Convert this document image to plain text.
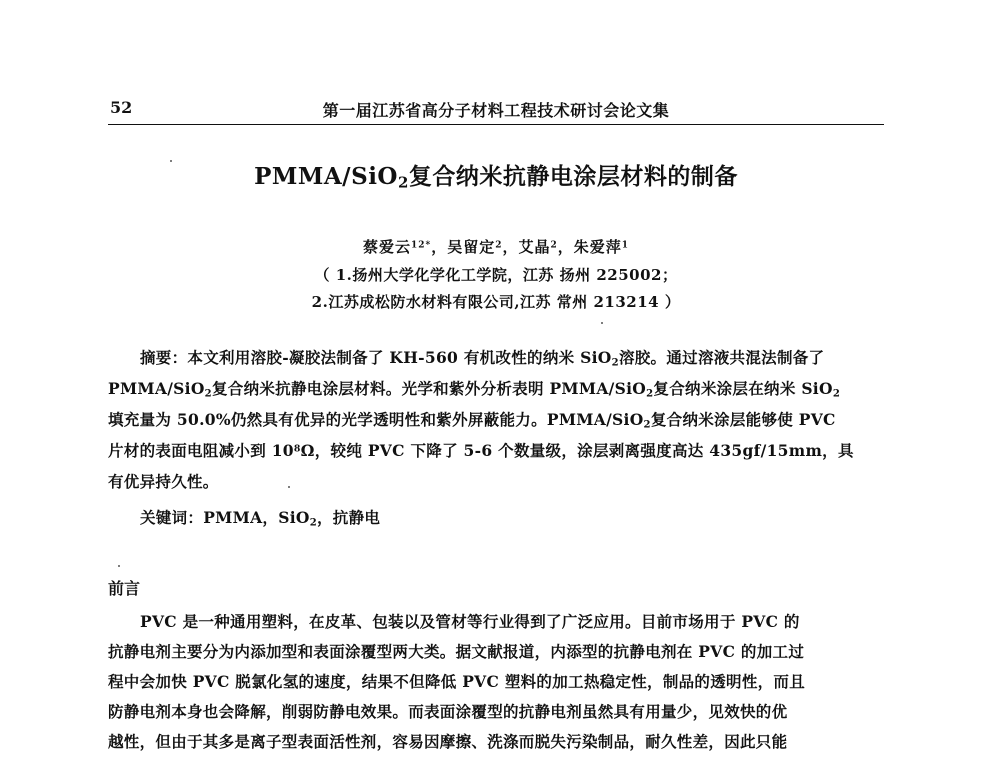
52	第一届江苏省高分子材料工程技术研讨会论文集
PMMA/SiO$_2$复合纳米抗静电涂层材料的制备
蔡爱云$^{12*}$，吴留定$^2$，艾晶$^2$，朱爱萍$^1$
（ 1.扬州大学化学化工学院，江苏 扬州 225002；
2.江苏成松防水材料有限公司,江苏 常州 213214 ）
摘要：本文利用溶胶-凝胶法制备了 KH-560 有机改性的纳米 SiO$_2$溶胶。通过溶液共混法制备了
PMMA/SiO$_2$复合纳米抗静电涂层材料。光学和紫外分析表明 PMMA/SiO$_2$复合纳米涂层在纳米 SiO$_2$
填充量为 50.0%仍然具有优异的光学透明性和紫外屏蔽能力。PMMA/SiO$_2$复合纳米涂层能够使 PVC
片材的表面电阻减小到 $10^8\Omega$，较纯 PVC 下降了 5-6 个数量级，涂层剥离强度高达 435gf/15mm，具
有优异持久性。
关键词：PMMA，SiO$_2$，抗静电
前言
PVC 是一种通用塑料，在皮革、包装以及管材等行业得到了广泛应用。目前市场用于 PVC 的
抗静电剂主要分为内添加型和表面涂覆型两大类。据文献报道，内添型的抗静电剂在 PVC 的加工过
程中会加快 PVC 脱氯化氢的速度，结果不但降低 PVC 塑料的加工热稳定性，制品的透明性，而且
防静电剂本身也会降解，削弱防静电效果。而表面涂覆型的抗静电剂虽然具有用量少，见效快的优
越性，但由于其多是离子型表面活性剂，容易因摩擦、洗涤而脱失污染制品，耐久性差，因此只能
